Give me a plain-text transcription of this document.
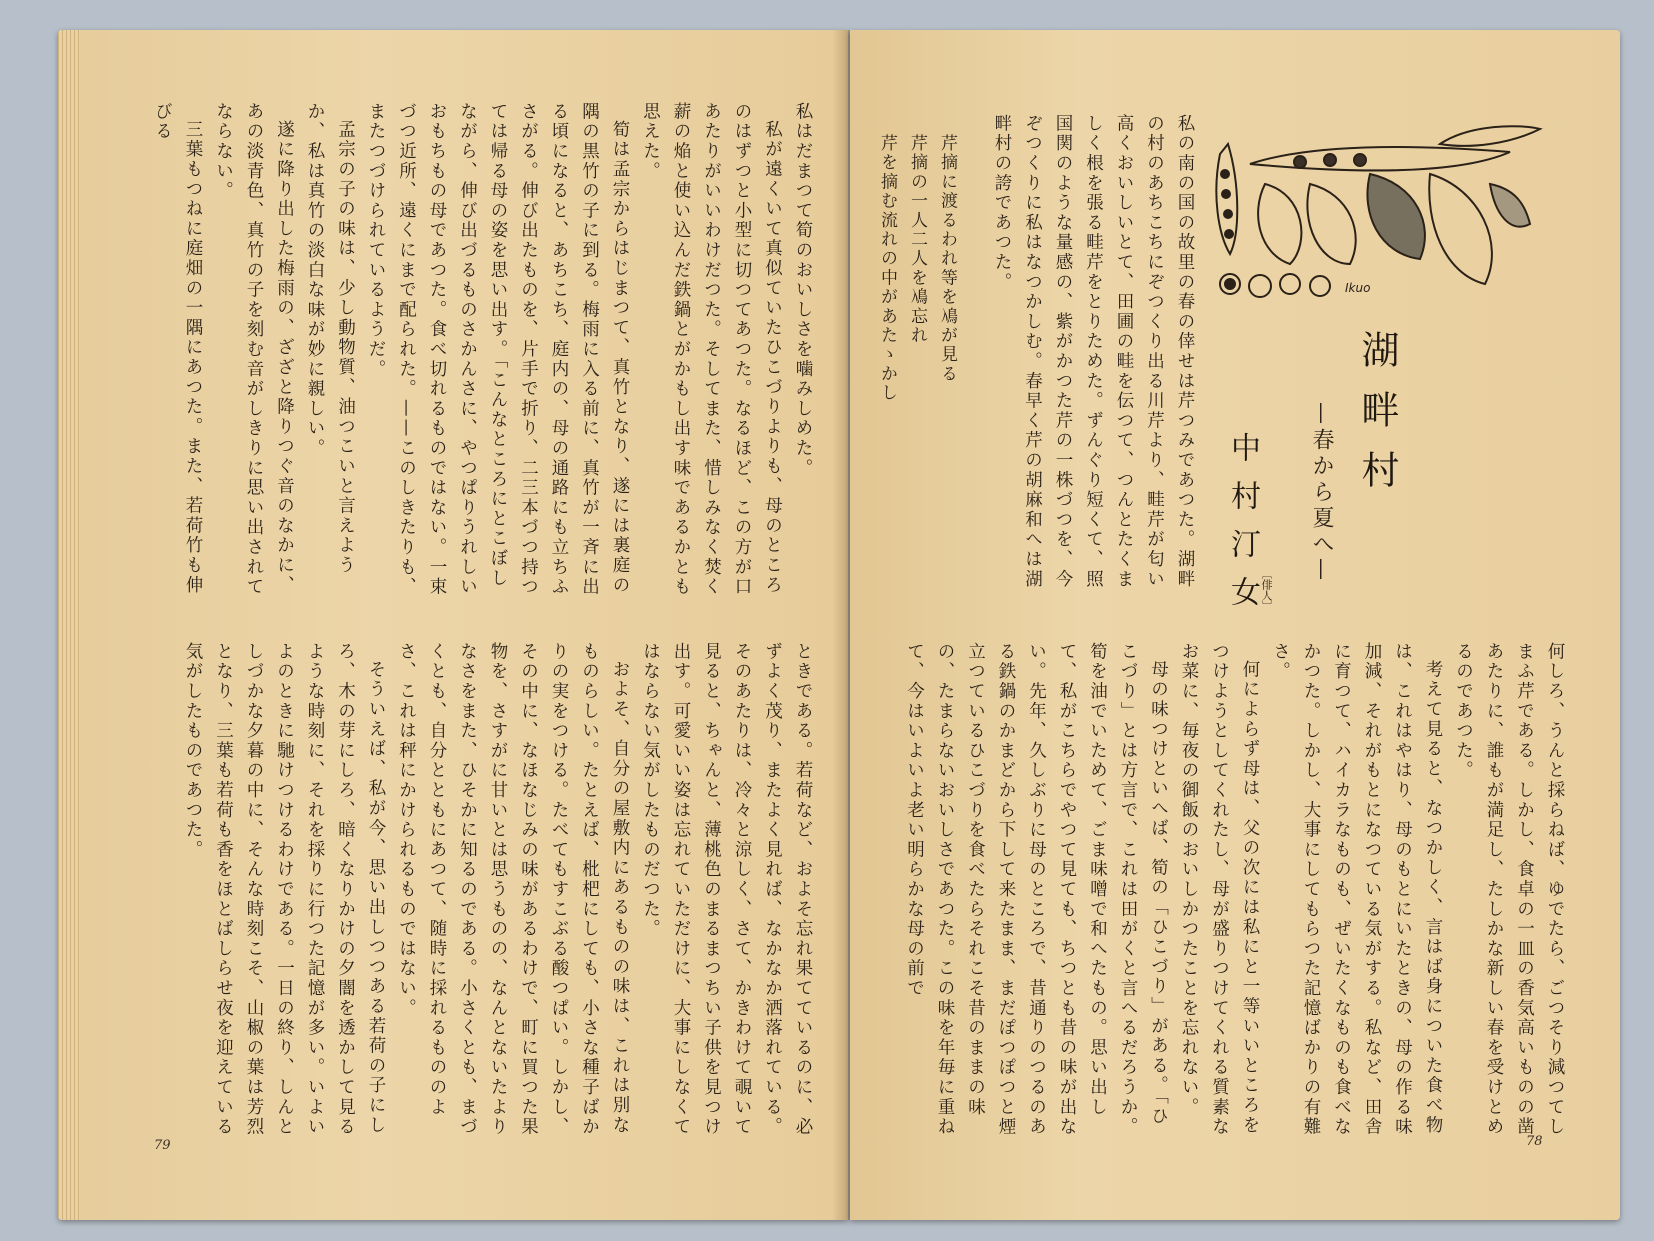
私はだまつて筍のおいしさを噛みしめた。

私が遠くいて真似ていたひこづりよりも、母のところのはずつと小型に切つてあつた。なるほど、この方が口あたりがいいわけだつた。そしてまた、惜しみなく焚く薪の焔と使い込んだ鉄鍋とがかもし出す味であるかとも思えた。

筍は孟宗からはじまつて、真竹となり、遂には裏庭の隅の黒竹の子に到る。梅雨に入る前に、真竹が一斉に出る頃になると、あちこち、庭内の、母の通路にも立ちふさがる。伸び出たものを、片手で折り、二三本づつ持つては帰る母の姿を思い出す。「こんなところにとこぼしながら、伸び出づるものさかんさに、やつぱりうれしいおもちもの母であつた。食べ切れるものではない。一束づつ近所、遠くにまで配られた。——このしきたりも、またつづけられているようだ。

孟宗の子の味は、少し動物質、油つこいと言えようか、私は真竹の淡白な味が妙に親しい。

遂に降り出した梅雨の、ざざと降りつぐ音のなかに、あの淡青色、真竹の子を刻む音がしきりに思い出されてならない。

三葉もつねに庭畑の一隅にあつた。また、若荷竹も伸びる

ときである。若荷など、およそ忘れ果てているのに、必ずよく茂り、またよく見れば、なかなか洒落れている。そのあたりは、冷々と涼しく、さて、かきわけて覗いて見ると、ちゃんと、薄桃色のまるまつちい子供を見つけ出す。可愛いい姿は忘れていただけに、大事にしなくてはならない気がしたものだつた。

およそ、自分の屋敷内にあるものの味は、これは別なものらしい。たとえば、枇杷にしても、小さな種子ばかりの実をつける。たべてもすこぶる酸つぱい。しかし、その中に、なほなじみの味があるわけで、町に買つた果物を、さすがに甘いとは思うものの、なんとないたよりなさをまた、ひそかに知るのである。小さくとも、まづくとも、自分とともにあつて、随時に採れるもののよさ、これは秤にかけられるものではない。

そういえば、私が今、思い出しつつある若荷の子にしろ、木の芽にしろ、暗くなりかけの夕闇を透かして見るような時刻に、それを採りに行つた記憶が多い。いよいよのときに馳けつけるわけである。一日の終り、しんとしづかな夕暮の中に、そんな時刻こそ、山椒の葉は芳烈となり、三葉も若荷も香をほとばしらせ夜を迎えている気がしたものであつた。

79
Ikuo
湖畔村
—春から夏へ—
中村汀女 〔俳人〕

私の南の国の故里の春の倖せは芹つみであつた。湖畔の村のあちこちにぞつくり出る川芹より、畦芹が匂い高くおいしいとて、田圃の畦を伝つて、つんとたくましく根を張る畦芹をとりためた。ずんぐり短くて、照国関のような量感の、紫がかつた芹の一株づつを、今ぞつくりに私はなつかしむ。春早く芹の胡麻和へは湖畔村の誇であつた。

芹摘に渡るわれ等を鳰が見る
芹摘の一人二人を鳰忘れ
芹を摘む流れの中があたゝかし

何しろ、うんと採らねば、ゆでたら、ごつそり減つてしまふ芹である。しかし、食卓の一皿の香気高いものの凿あたりに、誰もが満足し、たしかな新しい春を受けとめるのであつた。

考えて見ると、なつかしく、言はば身についた食べ物は、これはやはり、母のもとにいたときの、母の作る味加減、それがもとになつている気がする。私など、田舎に育つて、ハイカラなものも、ぜいたくなものも食べなかつた。しかし、大事にしてもらつた記憶ばかりの有難さ。

何によらず母は、父の次には私にと一等いいところをつけようとしてくれたし、母が盛りつけてくれる質素なお菜に、毎夜の御飯のおいしかつたことを忘れない。

母の味つけといへば、筍の「ひこづり」がある。「ひこづり」とは方言で、これは田がくと言へるだろうか。筍を油でいためて、ごま味噌で和へたもの。思い出して、私がこちらでやつて見ても、ちつとも昔の味が出ない。先年、久しぶりに母のところで、昔通りのつるのある鉄鍋のかまどから下して来たまま、まだぽつぽつと煙立つているひこづりを食べたらそれこそ昔のままの味の、たまらないおいしさであつた。この味を年毎に重ねて、今はいよいよ老い明らかな母の前で

78
